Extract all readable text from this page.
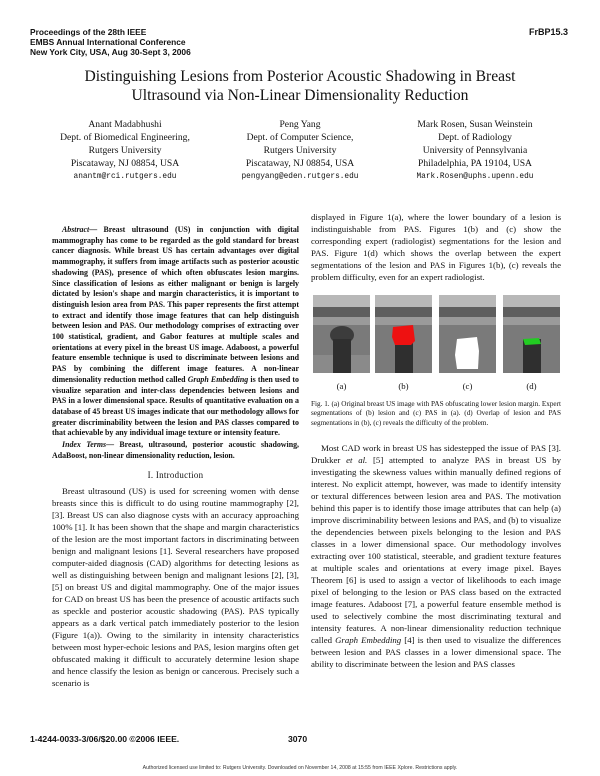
Proceedings of the 28th IEEE
EMBS Annual International Conference
New York City, USA, Aug 30-Sept 3, 2006
FrBP15.3
Distinguishing Lesions from Posterior Acoustic Shadowing in Breast Ultrasound via Non-Linear Dimensionality Reduction
Anant Madabhushi
Dept. of Biomedical Engineering,
Rutgers University
Piscataway, NJ 08854, USA
anantm@rci.rutgers.edu
Peng Yang
Dept. of Computer Science,
Rutgers University
Piscataway, NJ 08854, USA
pengyang@eden.rutgers.edu
Mark Rosen, Susan Weinstein
Dept. of Radiology
University of Pennsylvania
Philadelphia, PA 19104, USA
Mark.Rosen@uphs.upenn.edu

Abstract— Breast ultrasound (US) in conjunction with digital mammography has come to be regarded as the gold standard for breast cancer diagnosis. While breast US has certain advantages over digital mammography, it suffers from image artifacts such as posterior acoustic shadowing (PAS), presence of which often obfuscates lesion margins. Since classification of lesions as either malignant or benign is largely dictated by lesion's shape and margin characteristics, it is important to distinguish lesion area from PAS. This paper represents the first attempt to extract and identify those image features that can help distinguish between lesion and PAS. Our methodology comprises of extracting over 100 statistical, gradient, and Gabor features at multiple scales and orientations at every pixel in the breast US image. Adaboost, a powerful feature ensemble technique is used to discriminate between lesions and PAS by combining the different image features. A non-linear dimensionality reduction method called Graph Embedding is then used to visualize separation and inter-class dependencies between lesions and PAS in a lower dimensional space. Results of quantitative evaluation on a database of 45 breast US images indicate that our methodology allows for greater discriminability between the lesion and PAS classes compared to that achievable by any individual image texture or intensity feature.

Index Terms— Breast, ultrasound, posterior acoustic shadowing, AdaBoost, non-linear dimensionality reduction, lesion.

I. Introduction

Breast ultrasound (US) is used for screening women with dense breasts since this is difficult to do using routine mammography [2], [3]. Breast US can also diagnose cysts with an accuracy approaching 100% [1]. It has been shown that the shape and margin characteristics of the lesion are the most important factors in discriminating between benign and malignant lesions [1]. Several researchers have proposed computer-aided diagnosis (CAD) algorithms for detecting lesions as well as distinguishing between benign and malignant lesions [2], [3], [5] on breast US and digital mammography. One of the major issues for CAD on breast US has been the presence of acoustic artifacts such as speckle and posterior acoustic shadowing (PAS). PAS typically appears as a dark vertical patch immediately posterior to the lesion (Figure 1(a)). Owing to the similarity in intensity characteristics between most hyper-echoic lesions and PAS, lesion margins often get obfuscated making it difficult to accurately determine lesion shape and hence classify the lesion as benign or cancerous. Precisely such a scenario is

displayed in Figure 1(a), where the lower boundary of a lesion is indistinguishable from PAS. Figures 1(b) and (c) show the corresponding expert (radiologist) segmentations for the lesion and PAS. Figure 1(d) which shows the overlap between the expert segmentations of the lesion and PAS in Figures 1(b), (c) reveals the problem difficulty, even for an expert radiologist.

(a)	(b)	(c)	(d)

Fig. 1. (a) Original breast US image with PAS obfuscating lower lesion margin. Expert segmentations of (b) lesion and (c) PAS in (a). (d) Overlap of lesion and PAS segmentations in (b), (c) reveals the difficulty of the problem.

Most CAD work in breast US has sidestepped the issue of PAS [3]. Drukker et al. [5] attempted to analyze PAS in breast US by investigating the skewness values within manually defined regions of interest. No explicit attempt, however, was made to identify intensity or textural differences between lesion area and PAS. The motivation behind this paper is to identify those image attributes that can help (a) improve discriminability between lesions and PAS, and (b) to visualize the dependencies between pixels belonging to the lesion and PAS classes in a lower dimensional space. Our methodology involves extracting over 100 statistical, steerable, and gradient texture features at multiple scales and orientations at every image pixel. Bayes Theorem [6] is used to assign a vector of likelihoods to each image pixel of belonging to the lesion or PAS class based on the extracted image features. Adaboost [7], a powerful feature ensemble method is used to selectively combine the most discriminating textural and intensity features. A non-linear dimensionality reduction technique called Graph Embedding [4] is then used to visualize the differences between lesion and PAS classes in a lower dimensional space. The ability to discriminate between the lesion and PAS classes

1-4244-0033-3/06/$20.00 ©2006 IEEE.	3070
Authorized licensed use limited to: Rutgers University. Downloaded on November 14, 2008 at 15:55 from IEEE Xplore. Restrictions apply.
